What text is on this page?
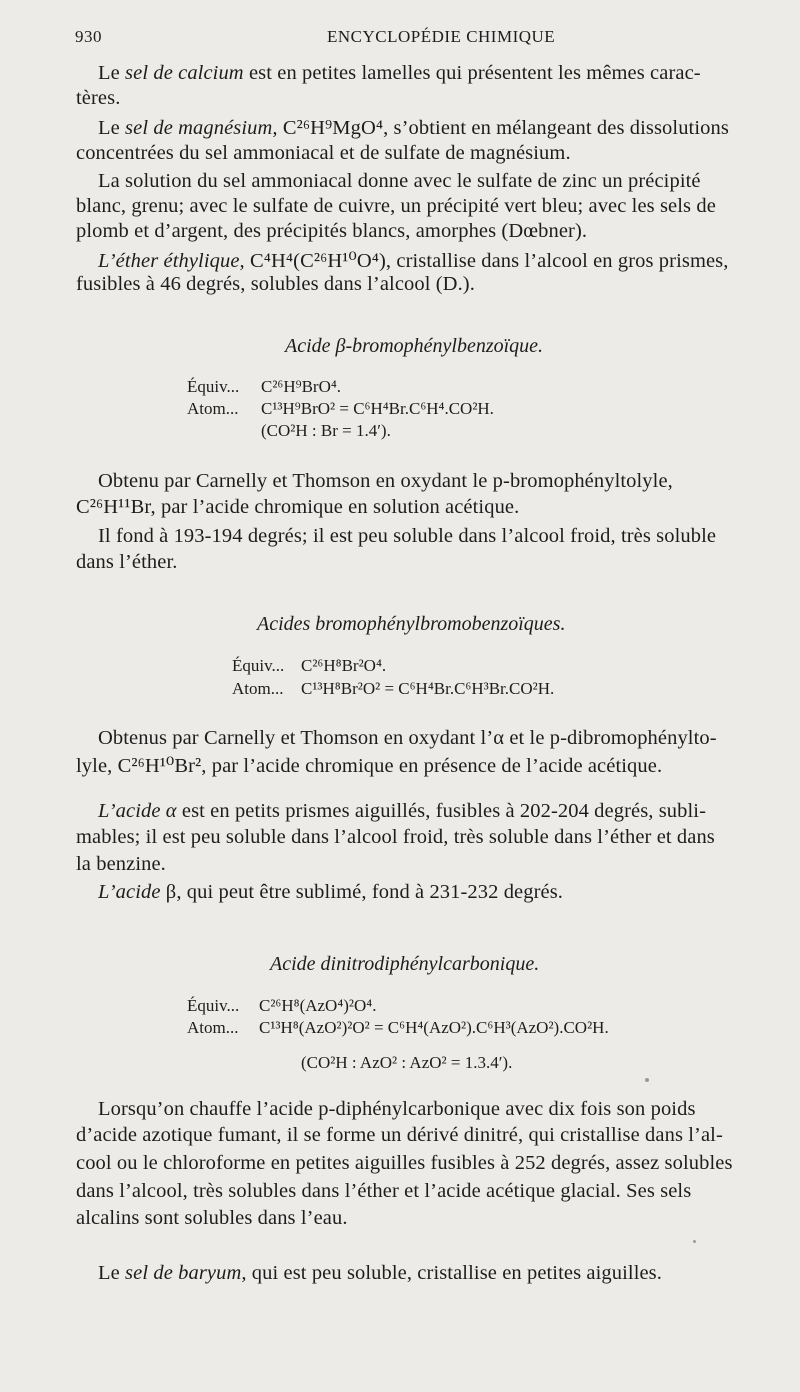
930	ENCYCLOPÉDIE CHIMIQUE
Le sel de calcium est en petites lamelles qui présentent les mêmes carac-
tères.
Le sel de magnésium, C²⁶H⁹MgO⁴, s’obtient en mélangeant des dissolutions
concentrées du sel ammoniacal et de sulfate de magnésium.
La solution du sel ammoniacal donne avec le sulfate de zinc un précipité
blanc, grenu; avec le sulfate de cuivre, un précipité vert bleu; avec les sels de
plomb et d’argent, des précipités blancs, amorphes (Dœbner).
L’éther éthylique, C⁴H⁴(C²⁶H¹⁰O⁴), cristallise dans l’alcool en gros prismes,
fusibles à 46 degrés, solubles dans l’alcool (D.).
Acide β-bromophénylbenzoïque.
Équiv... C²⁶H⁹BrO⁴.
Atom... C¹³H⁹BrO² = C⁶H⁴Br.C⁶H⁴.CO²H.
(CO²H : Br = 1.4′).
Obtenu par Carnelly et Thomson en oxydant le p-bromophényltolyle,
C²⁶H¹¹Br, par l’acide chromique en solution acétique.
Il fond à 193-194 degrés; il est peu soluble dans l’alcool froid, très soluble
dans l’éther.
Acides bromophénylbromobenzoïques.
Équiv... C²⁶H⁸Br²O⁴.
Atom... C¹³H⁸Br²O² = C⁶H⁴Br.C⁶H³Br.CO²H.
Obtenus par Carnelly et Thomson en oxydant l’α et le p-dibromophénylto-
lyle, C²⁶H¹⁰Br², par l’acide chromique en présence de l’acide acétique.
L’acide α est en petits prismes aiguillés, fusibles à 202-204 degrés, subli-
mables; il est peu soluble dans l’alcool froid, très soluble dans l’éther et dans
la benzine.
L’acide β, qui peut être sublimé, fond à 231-232 degrés.
Acide dinitrodiphénylcarbonique.
Équiv... C²⁶H⁸(AzO⁴)²O⁴.
Atom... C¹³H⁸(AzO²)²O² = C⁶H⁴(AzO²).C⁶H³(AzO²).CO²H.
(CO²H : AzO² : AzO² = 1.3.4′).
Lorsqu’on chauffe l’acide p-diphénylcarbonique avec dix fois son poids
d’acide azotique fumant, il se forme un dérivé dinitré, qui cristallise dans l’al-
cool ou le chloroforme en petites aiguilles fusibles à 252 degrés, assez solubles
dans l’alcool, très solubles dans l’éther et l’acide acétique glacial. Ses sels
alcalins sont solubles dans l’eau.
Le sel de baryum, qui est peu soluble, cristallise en petites aiguilles.
